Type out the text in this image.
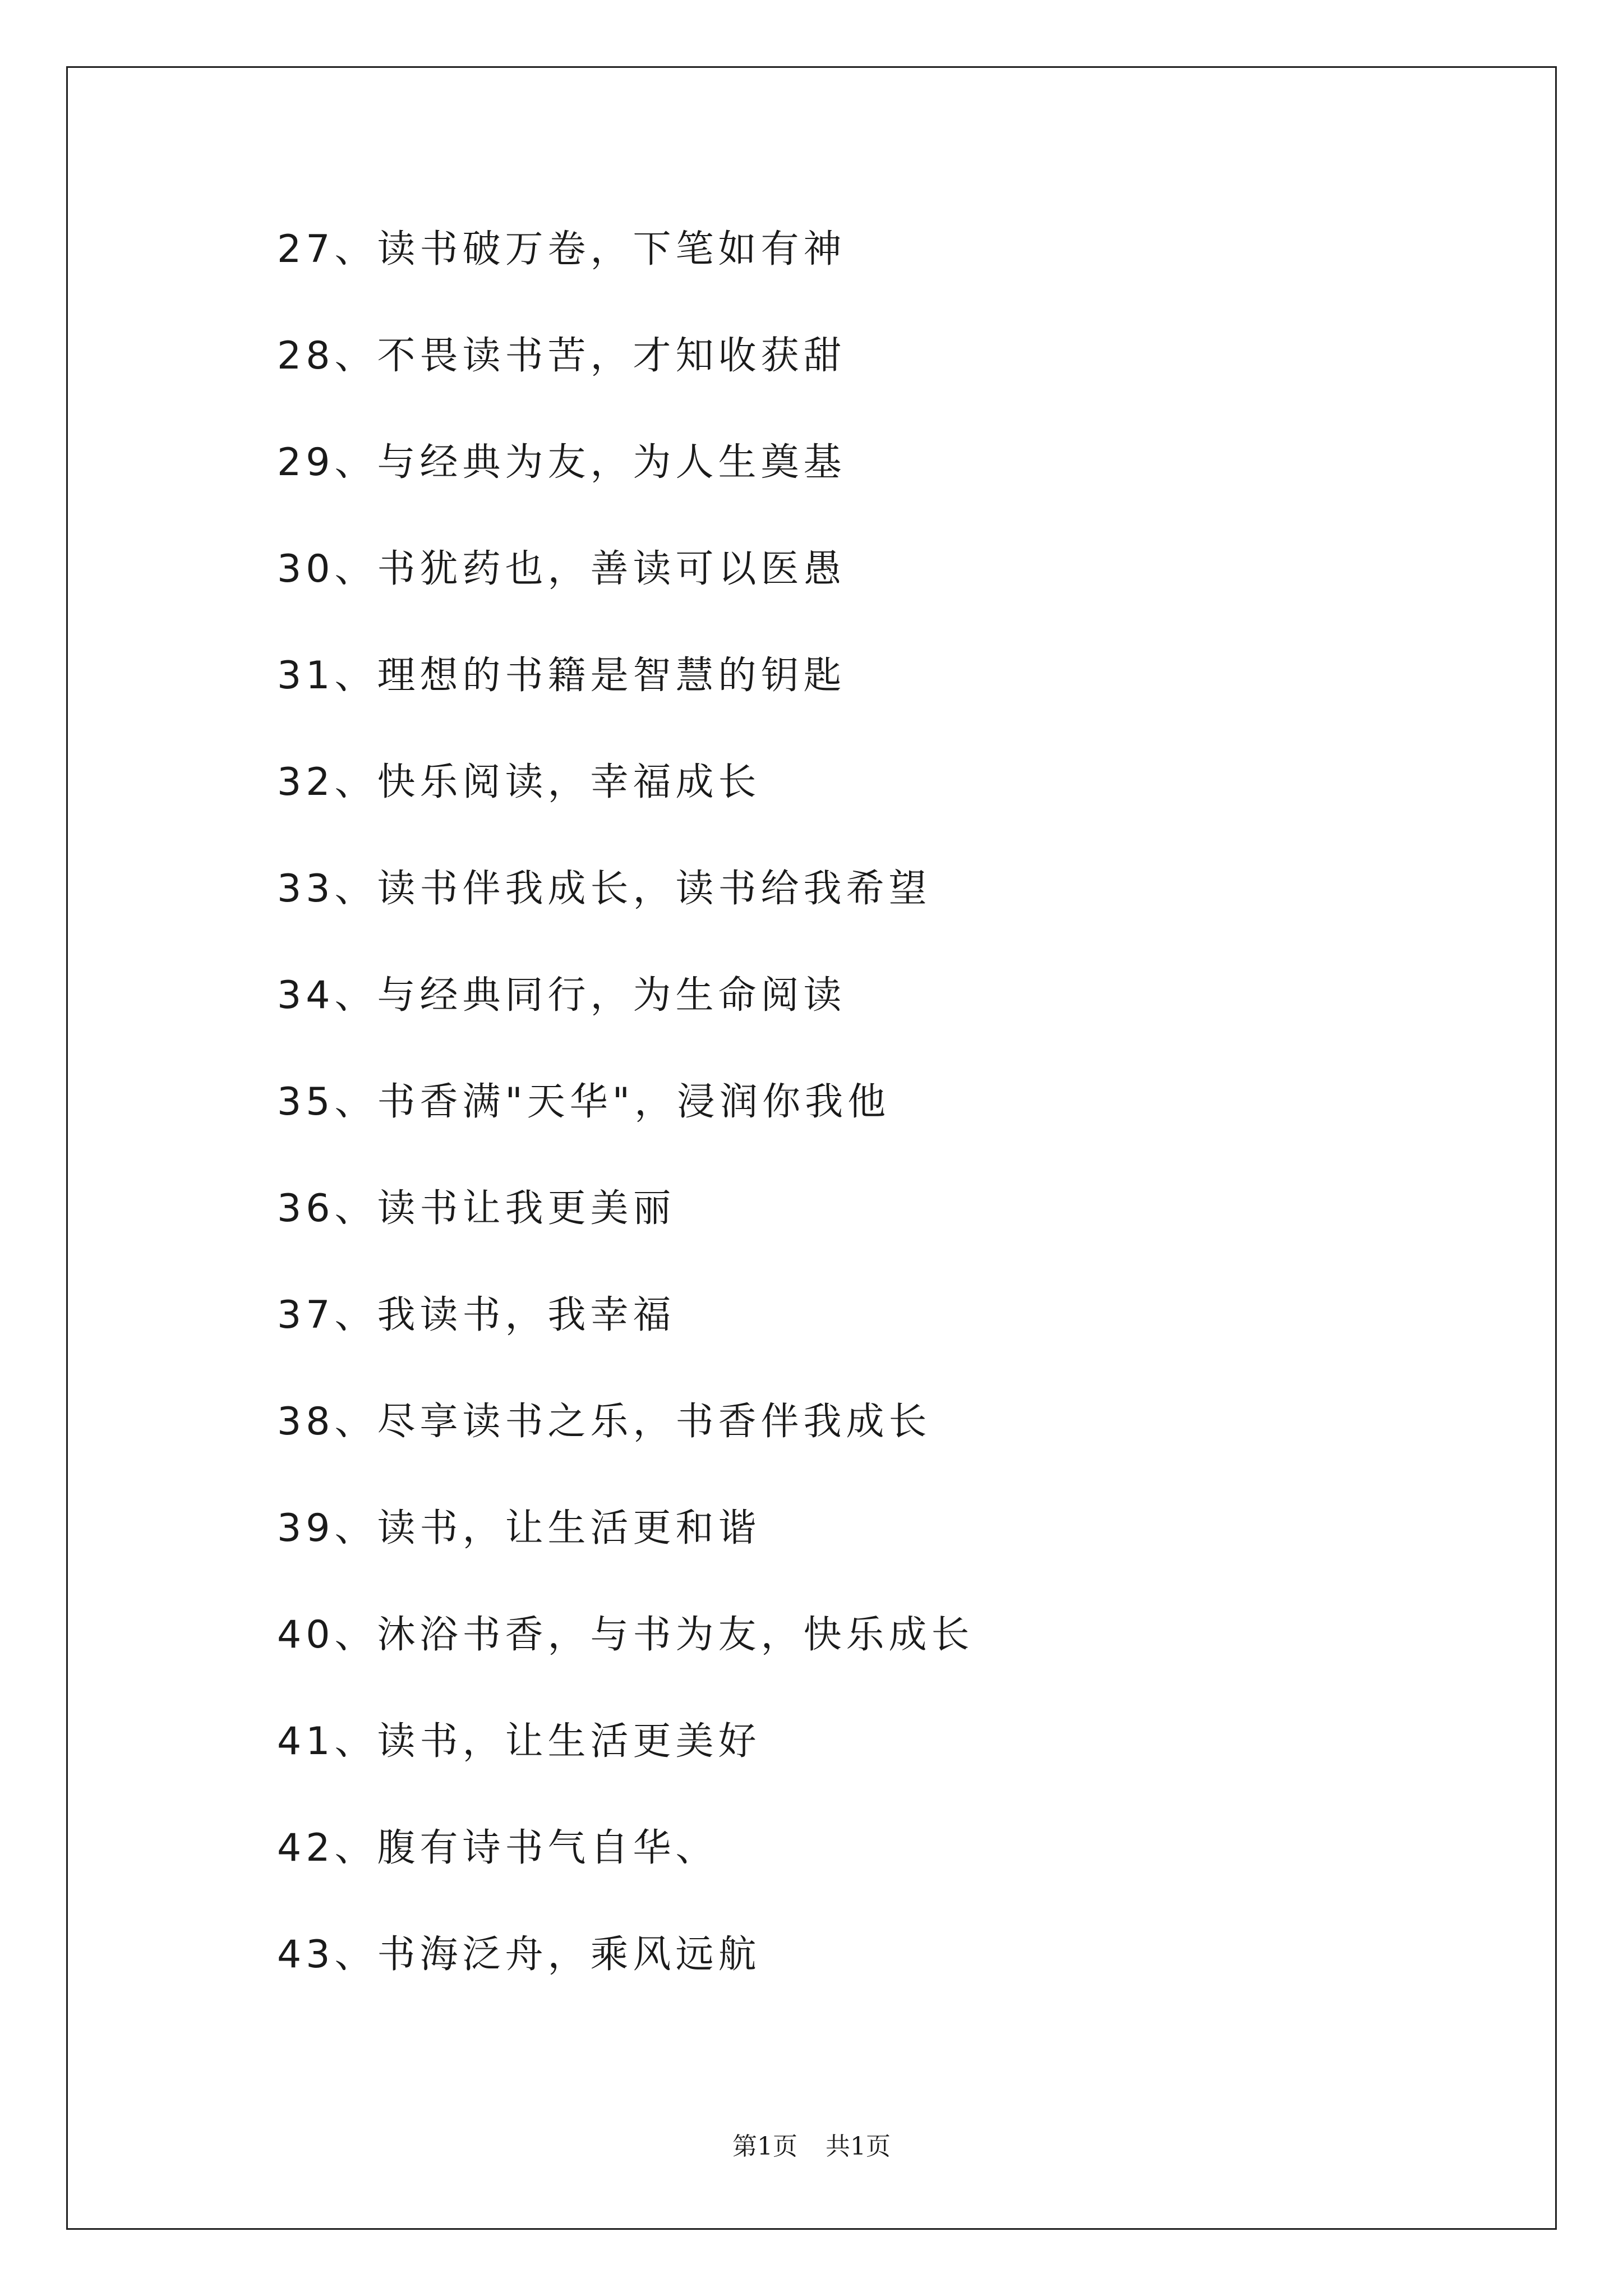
27、读书破万卷，下笔如有神
28、不畏读书苦，才知收获甜
29、与经典为友，为人生奠基
30、书犹药也，善读可以医愚
31、理想的书籍是智慧的钥匙
32、快乐阅读，幸福成长
33、读书伴我成长，读书给我希望
34、与经典同行，为生命阅读
35、书香满"天华"，浸润你我他
36、读书让我更美丽
37、我读书，我幸福
38、尽享读书之乐，书香伴我成长
39、读书，让生活更和谐
40、沐浴书香，与书为友，快乐成长
41、读书，让生活更美好
42、腹有诗书气自华、
43、书海泛舟，乘风远航
第1页 共1页
